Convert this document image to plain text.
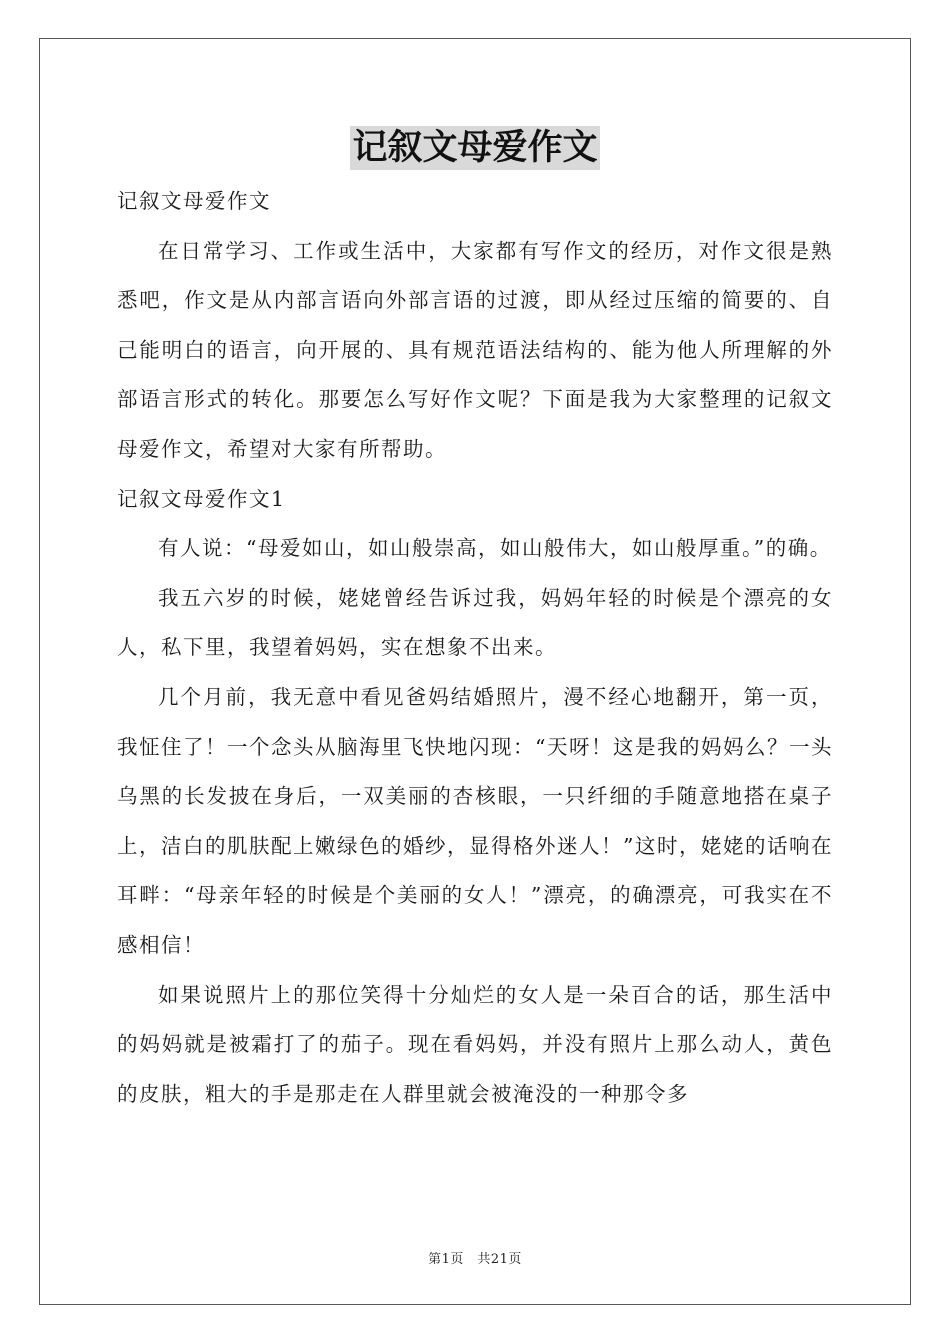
记叙文母爱作文

记叙文母爱作文

在日常学习、工作或生活中，大家都有写作文的经历，对作文很是熟悉吧，作文是从内部言语向外部言语的过渡，即从经过压缩的简要的、自己能明白的语言，向开展的、具有规范语法结构的、能为他人所理解的外部语言形式的转化。那要怎么写好作文呢？下面是我为大家整理的记叙文母爱作文，希望对大家有所帮助。

记叙文母爱作文1

有人说：“母爱如山，如山般崇高，如山般伟大，如山般厚重。”的确。

我五六岁的时候，姥姥曾经告诉过我，妈妈年轻的时候是个漂亮的女人，私下里，我望着妈妈，实在想象不出来。

几个月前，我无意中看见爸妈结婚照片，漫不经心地翻开，第一页，我怔住了！一个念头从脑海里飞快地闪现：“天呀！这是我的妈妈么？一头乌黑的长发披在身后，一双美丽的杏核眼，一只纤细的手随意地搭在桌子上，洁白的肌肤配上嫩绿色的婚纱，显得格外迷人！”这时，姥姥的话响在耳畔：“母亲年轻的时候是个美丽的女人！”漂亮，的确漂亮，可我实在不感相信！

如果说照片上的那位笑得十分灿烂的女人是一朵百合的话，那生活中的妈妈就是被霜打了的茄子。现在看妈妈，并没有照片上那么动人，黄色的皮肤，粗大的手是那走在人群里就会被淹没的一种那令多

第1页　共21页
